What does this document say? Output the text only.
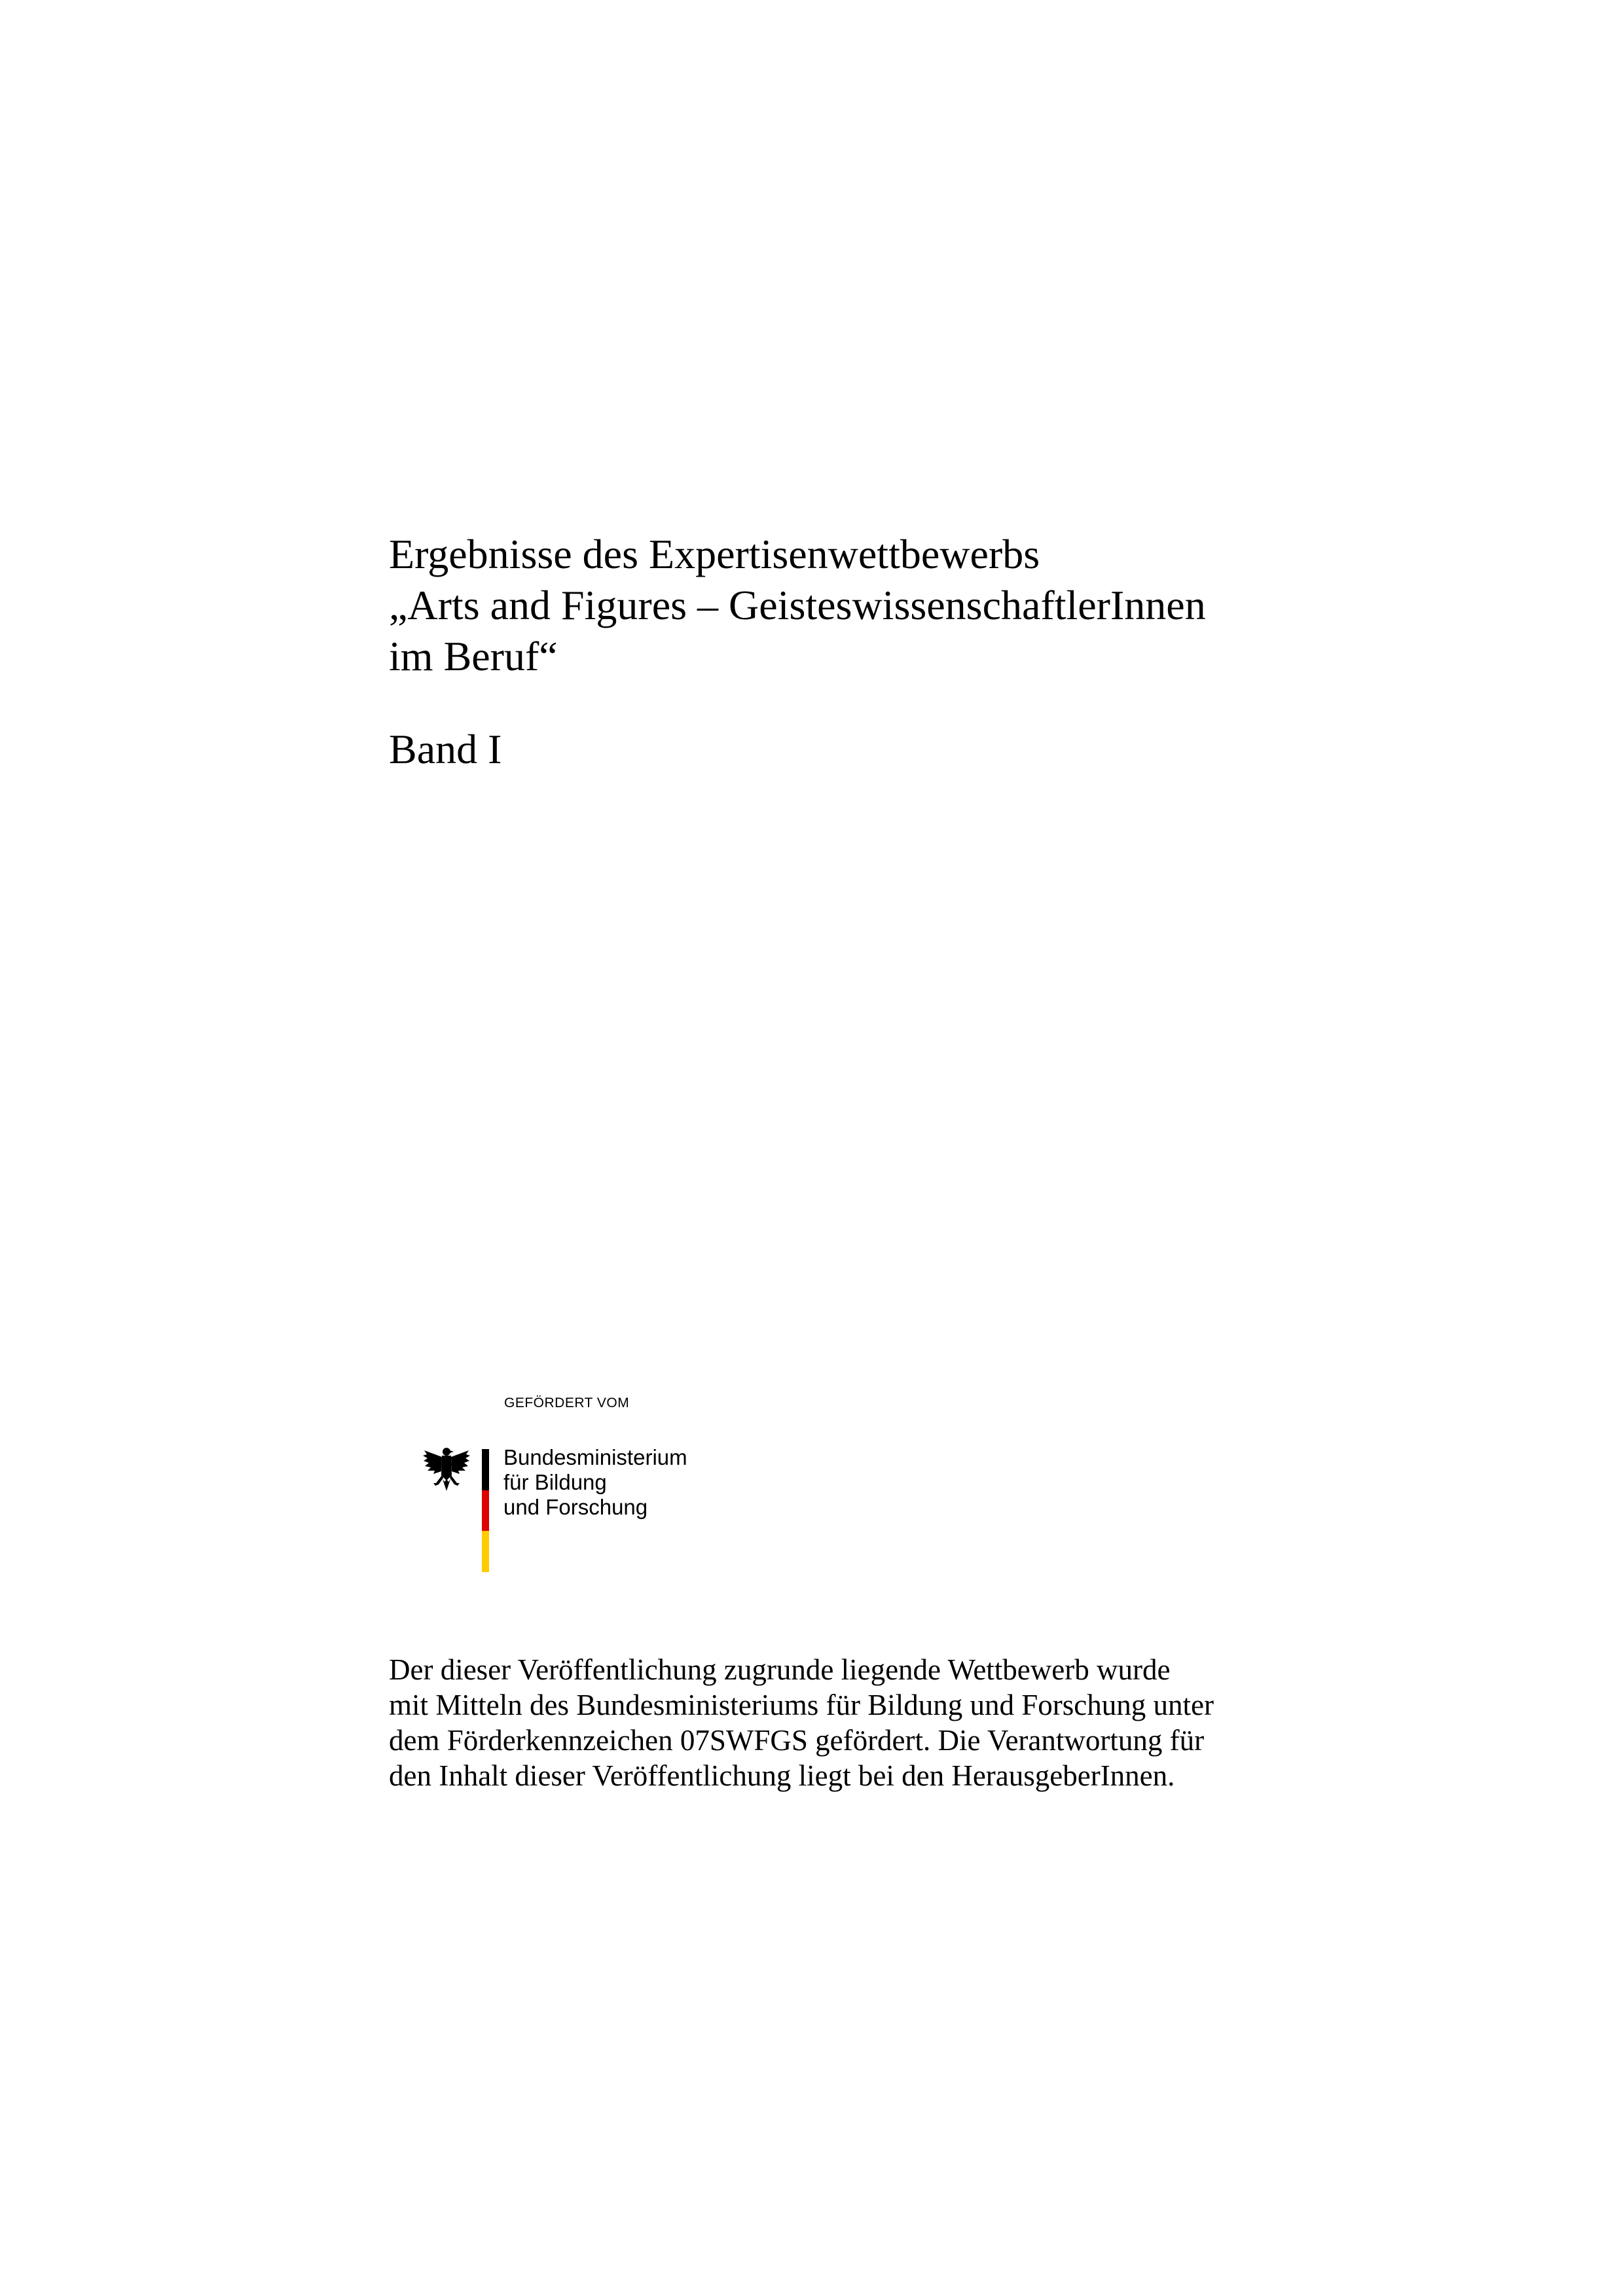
Ergebnisse des Expertisenwettbewerbs
„Arts and Figures – GeisteswissenschaftlerInnen
im Beruf“
Band I
GEFÖRDERT VOM
Bundesministerium
für Bildung
und Forschung
Der dieser Veröffentlichung zugrunde liegende Wettbewerb wurde
mit Mitteln des Bundesministeriums für Bildung und Forschung unter
dem Förderkennzeichen 07SWFGS gefördert. Die Verantwortung für
den Inhalt dieser Veröffentlichung liegt bei den HerausgeberInnen.
